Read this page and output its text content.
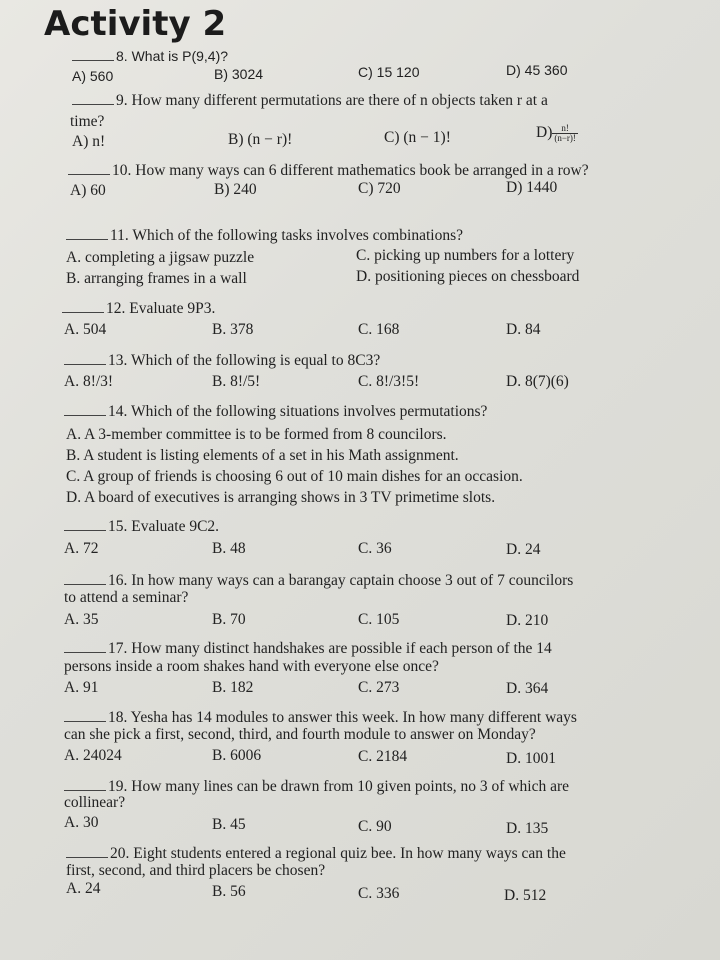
Activity 2
8. What is P(9,4)?
A) 560	B) 3024	C) 15 120	D) 45 360
9. How many different permutations are there of n objects taken r at a
time?
A) n!	B) (n − r)!	C) (n − 1)!	$D) \frac{n!}{(n-r)!}$
10. How many ways can 6 different mathematics book be arranged in a row?
A) 60	B) 240	C) 720	D) 1440
11. Which of the following tasks involves combinations?
A. completing a jigsaw puzzle
B. arranging frames in a wall
C. picking up numbers for a lottery
D. positioning pieces on chessboard
12. Evaluate 9P3.
A. 504	B. 378	C. 168	D. 84
13. Which of the following is equal to 8C3?
A. 8!/3!	B. 8!/5!	C. 8!/3!5!	D. 8(7)(6)
14. Which of the following situations involves permutations?
A. A 3-member committee is to be formed from 8 councilors.
B. A student is listing elements of a set in his Math assignment.
C. A group of friends is choosing 6 out of 10 main dishes for an occasion.
D. A board of executives is arranging shows in 3 TV primetime slots.
15. Evaluate 9C2.
A. 72	B. 48	C. 36	D. 24
16. In how many ways can a barangay captain choose 3 out of 7 councilors
to attend a seminar?
A. 35	B. 70	C. 105	D. 210
17. How many distinct handshakes are possible if each person of the 14
persons inside a room shakes hand with everyone else once?
A. 91	B. 182	C. 273	D. 364
18. Yesha has 14 modules to answer this week. In how many different ways
can she pick a first, second, third, and fourth module to answer on Monday?
A. 24024	B. 6006	C. 2184	D. 1001
19. How many lines can be drawn from 10 given points, no 3 of which are
collinear?
A. 30	B. 45	C. 90	D. 135
20. Eight students entered a regional quiz bee. In how many ways can the
first, second, and third placers be chosen?
A. 24	B. 56	C. 336	D. 512
